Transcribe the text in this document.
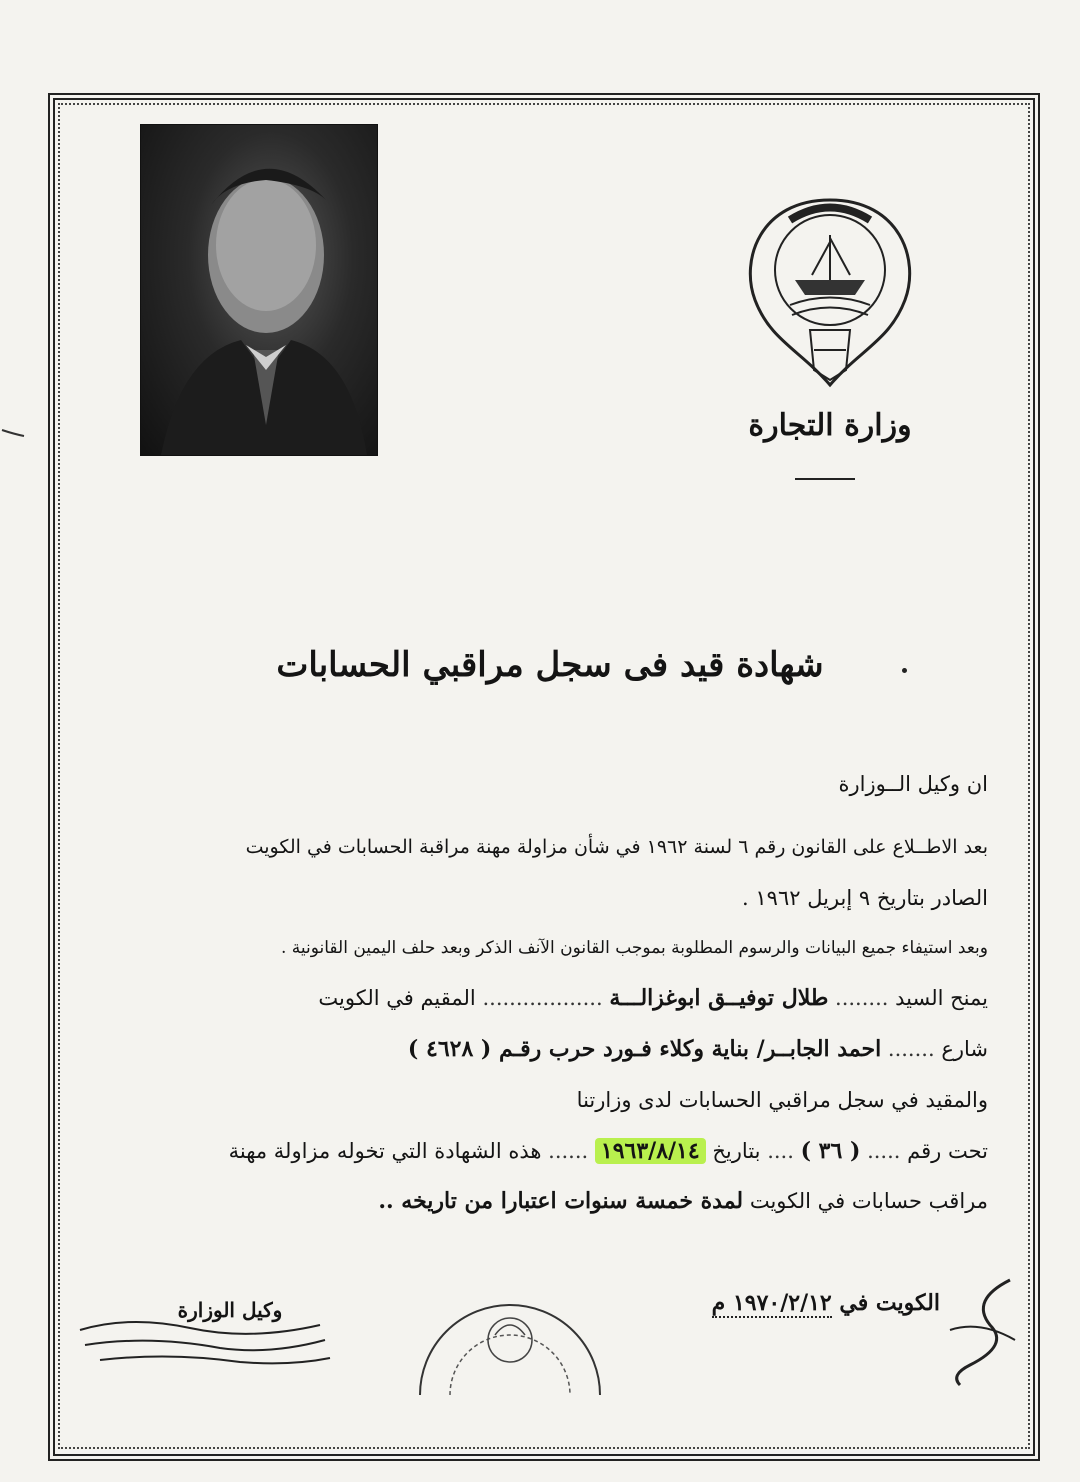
وزارة التجارة
شهادة قيد فى سجل مراقبي الحسابات
ان وكيل الــوزارة
بعد الاطــلاع على القانون رقم ٦ لسنة ١٩٦٢ في شأن مزاولة مهنة مراقبة الحسابات في الكويت
الصادر بتاريخ ٩ إبريل ١٩٦٢ .
وبعد استيفاء جميع البيانات والرسوم المطلوبة بموجب القانون الآنف الذكر وبعد حلف اليمين القانونية .
يمنح السيد ........ طلال توفيــق ابوغزالـــة .................. المقيم في الكويت
شارع ....... احمد الجابــر/ بناية وكلاء فـورد حرب رقـم ( ٤٦٢٨ )
والمقيد في سجل مراقبي الحسابات لدى وزارتنا
تحت رقم ..... ( ٣٦ ) .... بتاريخ ١٩٦٣/٨/١٤ ...... هذه الشهادة التي تخوله مزاولة مهنة
مراقب حسابات في الكويت لمدة خمسة سنوات اعتبارا من تاريخه ..
الكويت في ١٩٧٠/٢/١٢ م
وكيل الوزارة
